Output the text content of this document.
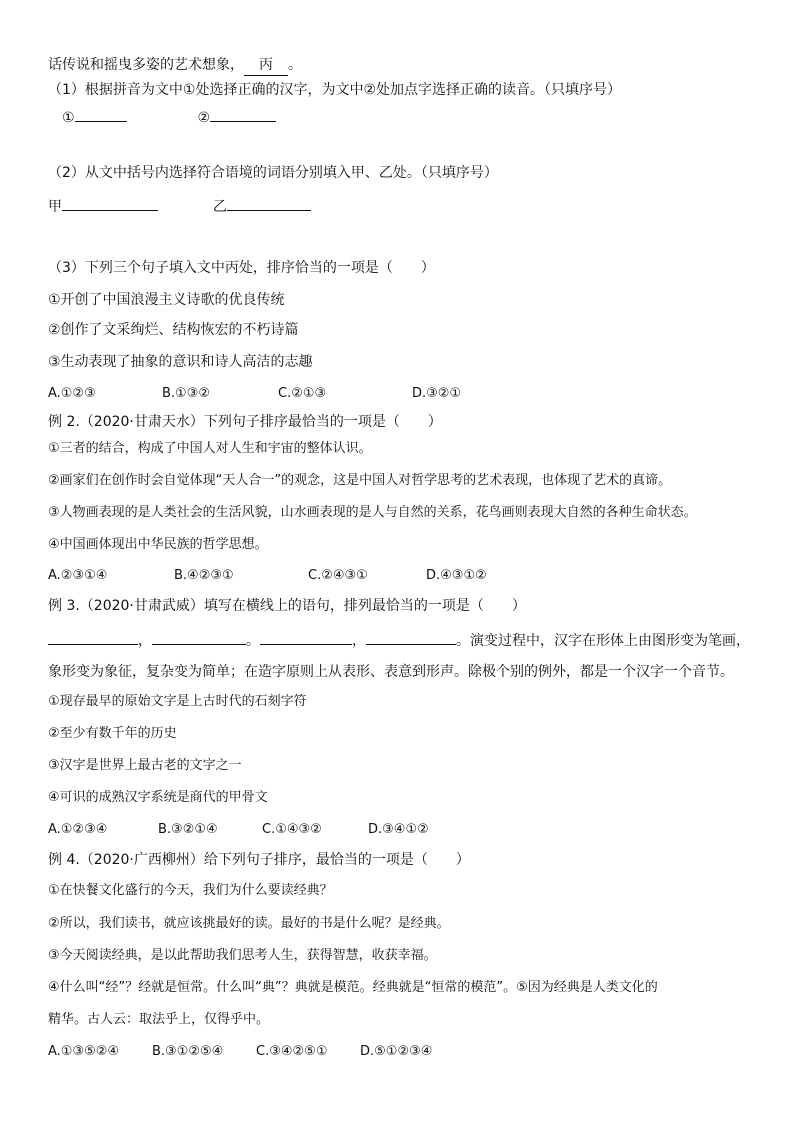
话传说和摇曳多姿的艺术想象， 丙 。
（1）根据拼音为文中①处选择正确的汉字，为文中②处加点字选择正确的读音。（只填序号）
①	②
（2）从文中括号内选择符合语境的词语分别填入甲、乙处。（只填序号）
甲	乙
（3）下列三个句子填入文中丙处，排序恰当的一项是（　　）
①开创了中国浪漫主义诗歌的优良传统
②创作了文采绚烂、结构恢宏的不朽诗篇
③生动表现了抽象的意识和诗人高洁的志趣
A.①②③	B.①③②	C.②①③	D.③②①
例 2.（2020·甘肃天水）下列句子排序最恰当的一项是（　　）
①三者的结合，构成了中国人对人生和宇宙的整体认识。
②画家们在创作时会自觉体现“天人合一”的观念，这是中国人对哲学思考的艺术表现，也体现了艺术的真谛。
③人物画表现的是人类社会的生活风貌，山水画表现的是人与自然的关系，花鸟画则表现大自然的各种生命状态。
④中国画体现出中华民族的哲学思想。
A.②③①④	B.④②③①	C.②④③①	D.④③①②
例 3.（2020·甘肃武威）填写在横线上的语句，排列最恰当的一项是（　　）
，	。	，	。演变过程中，汉字在形体上由图形变为笔画，
象形变为象征，复杂变为简单；在造字原则上从表形、表意到形声。除极个别的例外，都是一个汉字一个音节。
①现存最早的原始文字是上古时代的石刻字符
②至少有数千年的历史
③汉字是世界上最古老的文字之一
④可识的成熟汉字系统是商代的甲骨文
A.①②③④	B.③②①④	C.①④③②	D.③④①②
例 4.（2020·广西柳州）给下列句子排序，最恰当的一项是（　　）
①在快餐文化盛行的今天，我们为什么要读经典？
②所以，我们读书，就应该挑最好的读。最好的书是什么呢？是经典。
③今天阅读经典，是以此帮助我们思考人生，获得智慧，收获幸福。
④什么叫“经”？经就是恒常。什么叫“典”？典就是模范。经典就是“恒常的模范”。⑤因为经典是人类文化的
精华。古人云：取法乎上，仅得乎中。
A.①③⑤②④	B.③①②⑤④	C.③④②⑤①	D.⑤①②③④
